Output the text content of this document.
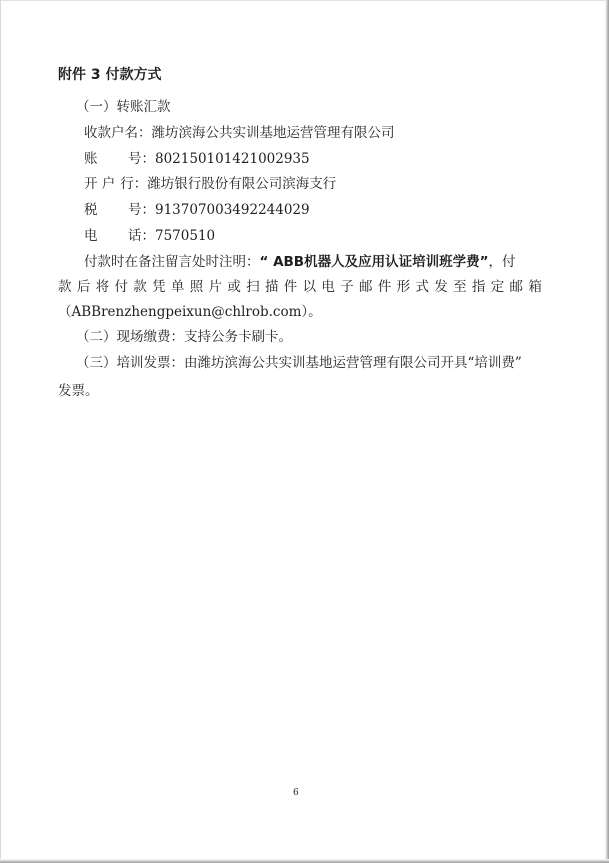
附件 3 付款方式
（一）转账汇款
收款户名：潍坊滨海公共实训基地运营管理有限公司
账 号：802150101421002935
开 户 行：潍坊银行股份有限公司滨海支行
税 号：913707003492244029
电 话：7570510
付款时在备注留言处时注明：“ ABB机器人及应用认证培训班学费”，付
款 后 将 付 款 凭 单 照 片 或 扫 描 件 以 电 子 邮 件 形 式 发 至 指 定 邮 箱
（ABBrenzhengpeixun@chlrob.com）。
（二）现场缴费：支持公务卡刷卡。
（三）培训发票：由潍坊滨海公共实训基地运营管理有限公司开具“培训费”
发票。
6
